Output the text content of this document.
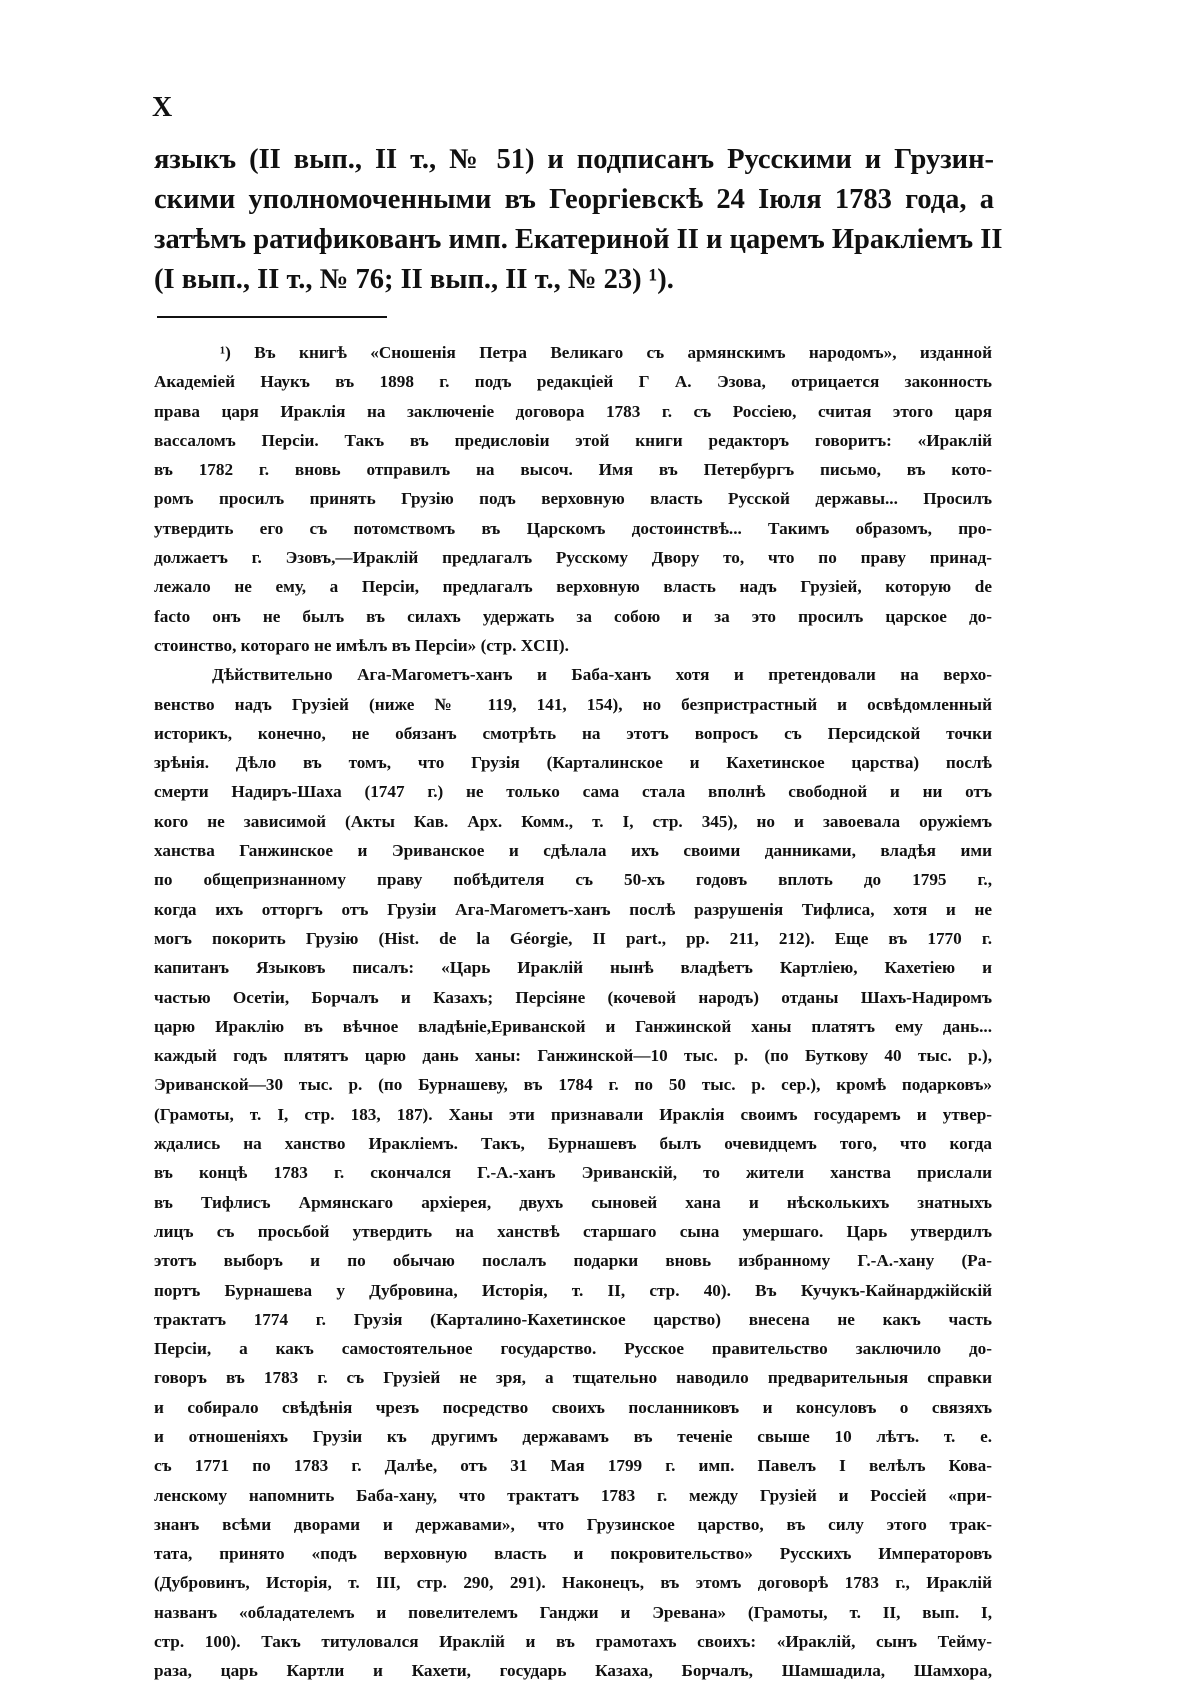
X
языкъ (II вып., II т., № 51) и подписанъ Русскими и Грузин-
скими уполномоченными въ Георгіевскѣ 24 Іюля 1783 года, а
затѣмъ ратификованъ имп. Екатериной II и царемъ Иракліемъ II
(I вып., II т., № 76; II вып., II т., № 23) ¹).
¹) Въ книгѣ «Сношенія Петра Великаго съ армянскимъ народомъ», изданной
Академіей Наукъ въ 1898 г. подъ редакціей Г А. Эзова, отрицается законность
права царя Ираклія на заключеніе договора 1783 г. съ Россіею, считая этого царя
вассаломъ Персіи. Такъ въ предисловіи этой книги редакторъ говоритъ: «Ираклій
въ 1782 г. вновь отправилъ на высоч. Имя въ Петербургъ письмо, въ кото-
ромъ просилъ принять Грузію подъ верховную власть Русской державы... Просилъ
утвердить его съ потомствомъ въ Царскомъ достоинствѣ... Такимъ образомъ, про-
должаетъ г. Эзовъ,—Ираклій предлагалъ Русскому Двору то, что по праву принад-
лежало не ему, а Персіи, предлагалъ верховную власть надъ Грузіей, которую de
facto онъ не былъ въ силахъ удержать за собою и за это просилъ царское до-
стоинство, котораго не имѣлъ въ Персіи» (стр. XCII).
Дѣйствительно Ага-Магометъ-ханъ и Баба-ханъ хотя и претендовали на верхо-
венство надъ Грузіей (ниже № 119, 141, 154), но безпристрастный и освѣдомленный
историкъ, конечно, не обязанъ смотрѣть на этотъ вопросъ съ Персидской точки
зрѣнія. Дѣло въ томъ, что Грузія (Карталинское и Кахетинское царства) послѣ
смерти Надиръ-Шаха (1747 г.) не только сама стала вполнѣ свободной и ни отъ
кого не зависимой (Акты Кав. Арх. Комм., т. I, стр. 345), но и завоевала оружіемъ
ханства Ганжинское и Эриванское и сдѣлала ихъ своими данниками, владѣя ими
по общепризнанному праву побѣдителя съ 50-хъ годовъ вплоть до 1795 г.,
когда ихъ отторгъ отъ Грузіи Ага-Магометъ-ханъ послѣ разрушенія Тифлиса, хотя и не
могъ покорить Грузію (Hist. de la Géorgie, II part., pp. 211, 212). Еще въ 1770 г.
капитанъ Языковъ писалъ: «Царь Ираклій нынѣ владѣетъ Картліею, Кахетіею и
частью Осетіи, Борчалъ и Казахъ; Персіяне (кочевой народъ) отданы Шахъ-Надиромъ
царю Ираклію въ вѣчное владѣніе,Ериванской и Ганжинской ханы платятъ ему дань...
каждый годъ плятятъ царю дань ханы: Ганжинской—10 тыс. р. (по Буткову 40 тыс. р.),
Эриванской—30 тыс. р. (по Бурнашеву, въ 1784 г. по 50 тыс. р. сер.), кромѣ подарковъ»
(Грамоты, т. I, стр. 183, 187). Ханы эти признавали Ираклія своимъ государемъ и утвер-
ждались на ханство Иракліемъ. Такъ, Бурнашевъ былъ очевидцемъ того, что когда
въ концѣ 1783 г. скончался Г.-А.-ханъ Эриванскій, то жители ханства прислали
въ Тифлисъ Армянскаго архіерея, двухъ сыновей хана и нѣсколькихъ знатныхъ
лицъ съ просьбой утвердить на ханствѣ старшаго сына умершаго. Царь утвердилъ
этотъ выборъ и по обычаю послалъ подарки вновь избранному Г.-А.-хану (Ра-
портъ Бурнашева у Дубровина, Исторія, т. II, стр. 40). Въ Кучукъ-Кайнарджійскій
трактатъ 1774 г. Грузія (Карталино-Кахетинское царство) внесена не какъ часть
Персіи, а какъ самостоятельное государство. Русское правительство заключило до-
говоръ въ 1783 г. съ Грузіей не зря, а тщательно наводило предварительныя справки
и собирало свѣдѣнія чрезъ посредство своихъ посланниковъ и консуловъ о связяхъ
и отношеніяхъ Грузіи къ другимъ державамъ въ теченіе свыше 10 лѣтъ. т. е.
съ 1771 по 1783 г. Далѣе, отъ 31 Мая 1799 г. имп. Павелъ I велѣлъ Кова-
ленскому напомнить Баба-хану, что трактатъ 1783 г. между Грузіей и Россіей «при-
знанъ всѣми дворами и державами», что Грузинское царство, въ силу этого трак-
тата, принято «подъ верховную власть и покровительство» Русскихъ Императоровъ
(Дубровинъ, Исторія, т. III, стр. 290, 291). Наконецъ, въ этомъ договорѣ 1783 г., Ираклій
названъ «обладателемъ и повелителемъ Ганджи и Эревана» (Грамоты, т. II, вып. I,
стр. 100). Такъ титуловался Ираклій и въ грамотахъ своихъ: «Ираклій, сынъ Тейму-
раза, царь Картли и Кахети, государь Казаха, Борчалъ, Шамшадила, Шамхора,
